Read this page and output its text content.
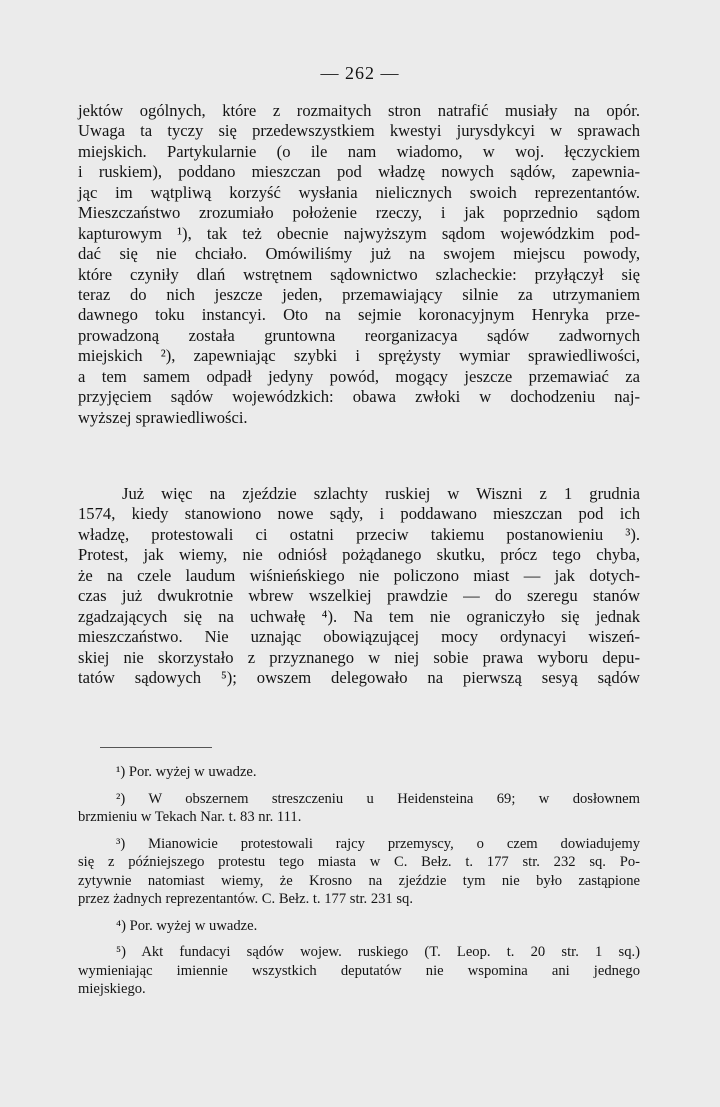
— 262 —
jektów ogólnych, które z rozmaitych stron natrafić musiały na opór.
Uwaga ta tyczy się przedewszystkiem kwestyi jurysdykcyi w sprawach
miejskich. Partykularnie (o ile nam wiadomo, w woj. łęczyckiem
i ruskiem), poddano mieszczan pod władzę nowych sądów, zapewnia-
jąc im wątpliwą korzyść wysłania nielicznych swoich reprezentantów.
Mieszczaństwo zrozumiało położenie rzeczy, i jak poprzednio sądom
kapturowym ¹), tak też obecnie najwyższym sądom wojewódzkim pod-
dać się nie chciało. Omówiliśmy już na swojem miejscu powody,
które czyniły dlań wstrętnem sądownictwo szlacheckie: przyłączył się
teraz do nich jeszcze jeden, przemawiający silnie za utrzymaniem
dawnego toku instancyi. Oto na sejmie koronacyjnym Henryka prze-
prowadzoną została gruntowna reorganizacya sądów zadwornych
miejskich ²), zapewniając szybki i sprężysty wymiar sprawiedliwości,
a tem samem odpadł jedyny powód, mogący jeszcze przemawiać za
przyjęciem sądów wojewódzkich: obawa zwłoki w dochodzeniu naj-
wyższej sprawiedliwości.
Już więc na zjeździe szlachty ruskiej w Wiszni z 1 grudnia
1574, kiedy stanowiono nowe sądy, i poddawano mieszczan pod ich
władzę, protestowali ci ostatni przeciw takiemu postanowieniu ³).
Protest, jak wiemy, nie odniósł pożądanego skutku, prócz tego chyba,
że na czele laudum wiśnieńskiego nie policzono miast — jak dotych-
czas już dwukrotnie wbrew wszelkiej prawdzie — do szeregu stanów
zgadzających się na uchwałę ⁴). Na tem nie ograniczyło się jednak
mieszczaństwo. Nie uznając obowiązującej mocy ordynacyi wiszeń-
skiej nie skorzystało z przyznanego w niej sobie prawa wyboru depu-
tatów sądowych ⁵); owszem delegowało na pierwszą sesyą sądów
¹) Por. wyżej w uwadze.
²) W obszernem streszczeniu u Heidensteina 69; w dosłownem
brzmieniu w Tekach Nar. t. 83 nr. 111.
³) Mianowicie protestowali rajcy przemyscy, o czem dowiadujemy
się z późniejszego protestu tego miasta w C. Bełz. t. 177 str. 232 sq. Po-
zytywnie natomiast wiemy, że Krosno na zjeździe tym nie było zastąpione
przez żadnych reprezentantów. C. Bełz. t. 177 str. 231 sq.
⁴) Por. wyżej w uwadze.
⁵) Akt fundacyi sądów wojew. ruskiego (T. Leop. t. 20 str. 1 sq.)
wymieniając imiennie wszystkich deputatów nie wspomina ani jednego
miejskiego.
